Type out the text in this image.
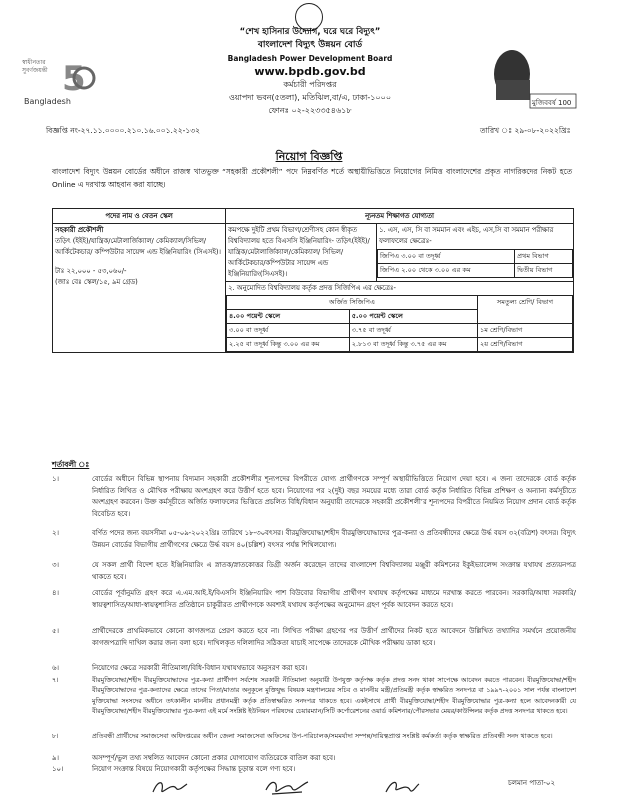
স্বাধীনতার
সুবর্ণজয়ন্তী 5
Bangladesh
“শেখ হাসিনার উদ্যোগ, ঘরে ঘরে বিদ্যুৎ”
বাংলাদেশ বিদ্যুৎ উন্নয়ন বোর্ড
Bangladesh Power Development Board
www.bpdb.gov.bd
কর্মচারী পরিদপ্তর
ওয়াপদা ভবন(৫তলা), মতিঝিল,বা/এ, ঢাকা-১০০০
ফোনঃ ০২-২২৩৩৫৪৬১৮
মুজিববর্ষ 100
বিজ্ঞপ্তি নং-২৭.১১.০০০০.২১০.১৬.০০১.২২-১৩২	তারিখ ঃ ২৯-০৮-২০২২খ্রিঃ
নিয়োগ বিজ্ঞপ্তি
বাংলাদেশ বিদ্যুৎ উন্নয়ন বোর্ডের অধীনে রাজস্ব খাতভুক্ত “সহকারী প্রকৌশলী” পদে নিম্নবর্ণিত শর্তে অস্থায়ীভিত্তিতে নিয়োগের নিমিত্ত বাংলাদেশের প্রকৃত নাগরিকদের নিকট হতে Online এ দরখাস্ত আহবান করা যাচ্ছে।
পদের নাম ও বেতন স্কেল	ন্যূনতম শিক্ষাগত যোগ্যতা

সহকারী প্রকৌশলী
তড়িৎ (ইইই)/যান্ত্রিক/মেটালার্জিক্যাল/ কেমিক্যাল/সিভিল/আর্কিটেকচার/ কম্পিউটার সায়েন্স এন্ড ইঞ্জিনিয়ারিং (সিএসই)।
টাঃ ২২,০০০ - ৫৩,০৬০/-
(জাঃ বেঃ স্কেল/১৫, ৯ম গ্রেড)
	কমপক্ষে দুইটি প্রথম বিভাগ/শ্রেণীসহ কোন স্বীকৃত বিশ্ববিদ্যালয় হতে বিএসসি ইঞ্জিনিয়ারিং- তড়িৎ(ইইই)/যান্ত্রিক/মেটালার্জিক্যাল/কেমিক্যাল/ সিভিল/আর্কিটেকচার/কম্পিউটার সায়েন্স এন্ড ইঞ্জিনিয়ারিং(সিএসই)।	
১. এস, এস, সি বা সমমান এবং এইচ, এস,সি বা সমমান পরীক্ষার ফলাফলের ক্ষেত্রেঃ-
জিপিএ ৩.০০ বা তদূর্ধ্ব	প্রথম বিভাগ
জিপিএ ২.০০ থেকে ৩.০০ এর কম	দ্বিতীয় বিভাগ

২. অনুমোদিত বিশ্ববিদ্যালয় কর্তৃক প্রদত্ত সিজিপিএ এর ক্ষেত্রেঃ-
অর্জিত সিজিপিএ	সমতুল্য শ্রেণি/ বিভাগ
৪.০০ পয়েন্ট স্কেলে	৫.০০ পয়েন্ট স্কেলে
৩.০০ বা তদূর্ধ্ব	৩.৭৫ বা তদূর্ধ্ব	১ম শ্রেণি/বিভাগ
২.২৫ বা তদূর্ধ্ব কিন্তু ৩.০০ এর কম	২.৮১৩ বা তদূর্ধ্ব কিন্তু ৩.৭৫ এর কম	২য় শ্রেণি/বিভাগ
শর্তাবলী ঃ
১।	বোর্ডের অধীনে বিভিন্ন স্থাপনায় বিদ্যমান সহকারী প্রকৌশলীর শূন্যপদের বিপরীতে যোগ্য প্রার্থীগণকে সম্পূর্ণ অস্থায়ীভিত্তিতে নিয়োগ দেয়া হবে। এ জন্য তাদেরকে বোর্ড কর্তৃক নির্ধারিত লিখিত ও মৌখিক পরীক্ষায় অংশগ্রহণ করে উত্তীর্ণ হতে হবে। নিয়োগের পর ২(দুই) বছর সময়ের মধ্যে তারা বোর্ড কর্তৃক নির্ধারিত বিভিন্ন প্রশিক্ষণ ও অন্যান্য কর্মসূচীতে অংশগ্রহণ করবেন। উক্ত কর্মসূচীতে অর্জিত ফলাফলের ভিত্তিতে প্রচলিত বিধি/বিধান অনুযায়ী তাদেরকে সহকারী প্রকৌশলী’র শূন্যপদের বিপরীতে নিয়মিত নিয়োগ প্রদান বোর্ড কর্তৃক বিবেচিত হবে।
২।	বর্ণিত পদের জন্য বয়সসীমা ০৫-০৯-২০২২খ্রিঃ তারিখে ১৮-৩০বৎসর। বীরমুক্তিযোদ্ধা/শহীদ বীরমুক্তিযোদ্ধাদের পুত্র-কন্যা ও প্রতিবন্ধীদের ক্ষেত্রে উর্দ্ধ বয়স ৩২(বত্রিশ) বৎসর। বিদ্যুৎ উন্নয়ন বোর্ডের বিভাগীয় প্রার্থীগণের ক্ষেত্রে উর্দ্ধ বয়স ৪০(চল্লিশ) বৎসর পর্যন্ত শিথিলযোগ্য।
৩।	যে সকল প্রার্থী বিদেশ হতে ইঞ্জিনিয়ারিং এ স্নাতক/স্নাতকোত্তর ডিগ্রী অর্জন করেছেন তাদের বাংলাদেশ বিশ্ববিদ্যালয় মঞ্জুরী কমিশনের ইকুইভ্যালেন্স সংক্রান্ত যথাযথ প্রত্যয়নপত্র থাকতে হবে।
৪।	বোর্ডের পূর্বানুমতি গ্রহণ করে এ.এম.আই.ই/বিএসসি ইঞ্জিনিয়ারিং পাশ বিউবোর বিভাগীয় প্রার্থীগণ যথাযথ কর্তৃপক্ষের মাধ্যমে দরখাস্ত করতে পারবেন। সরকারি/আধা সরকারি/স্বায়ত্বশাসিত/আধা-স্বায়ত্বশাসিত প্রতিষ্ঠানে চাকুরীরত প্রার্থীগণকে অবশ্যই যথাযথ কর্তৃপক্ষের অনুমোদন গ্রহণ পূর্বক আবেদন করতে হবে।
৫।	প্রার্থীদেরকে প্রাথমিকভাবে কোনো কাগজপত্র প্রেরণ করতে হবে না। লিখিত পরীক্ষা গ্রহণের পর উত্তীর্ণ প্রার্থীদের নিকট হতে আবেদনে উল্লিখিত তথ্যাদির সমর্থনে প্রয়োজনীয় কাগজপত্রাদি দাখিল করার জন্য বলা হবে। দাখিলকৃত দলিলাদির সঠিকতা যাচাই সাপেক্ষে তাদেরকে মৌখিক পরীক্ষায় ডাকা হবে।
৬।	নিয়োগের ক্ষেত্রে সরকারী নীতিমালা/বিধি-বিধান যথাযথভাবে অনুসরণ করা হবে।
৭।	বীরমুক্তিযোদ্ধা/শহীদ বীরমুক্তিযোদ্ধাদের পুত্র-কন্যা প্রার্থীগণ সর্বশেষ সরকারী নীতিমালা অনুযায়ী উপযুক্ত কর্তৃপক্ষ কর্তৃক প্রদত্ত সনদ থাকা সাপেক্ষে আবেদন করতে পারবেন। বীরমুক্তিযোদ্ধা/শহীদ বীরমুক্তিযোদ্ধাদের পুত্র-কন্যাদের ক্ষেত্রে তাদের পিতা/মাতার অনুকূলে মুক্তিযুদ্ধ বিষয়ক মন্ত্রণালয়ের সচিব ও মাননীয় মন্ত্রী/প্রতিমন্ত্রী কর্তৃক স্বাক্ষরিত সনদপত্র বা ১৯৯৭-২০০১ সাল পর্যন্ত বাংলাদেশ মুক্তিযোদ্ধা সংসদের অধীনে তৎকালীন মাননীয় প্রধানমন্ত্রী কর্তৃক প্রতিস্বাক্ষরিত সনদপত্র থাকতে হবে। একইসাথে প্রার্থী বীরমুক্তিযোদ্ধা/শহীদ বীরমুক্তিযোদ্ধার পুত্র-কন্যা হলে আবেদনকারী যে বীরমুক্তিযোদ্ধা/শহীদ বীরমুক্তিযোদ্ধার পুত্র-কন্যা এই মর্মে সংশ্লিষ্ট ইউনিয়ন পরিষদের চেয়ারম্যান/সিটি কর্পোরেশনের ওয়ার্ড কমিশনার/পৌরসভার মেয়র/কাউন্সিলর কর্তৃক প্রদত্ত সনদপত্র থাকতে হবে।
৮।	প্রতিবন্ধী প্রার্থীদের সমাজসেবা অধিদপ্তরের অধীন জেলা সমাজসেবা অফিসের উপ-পরিচালক/সমমর্যাদা সম্পন্ন/দায়িত্বপ্রাপ্ত সংশ্লিষ্ট কর্মকর্তা কর্তৃক স্বাক্ষরিত প্রতিবন্ধী সনদ থাকতে হবে।
৯।	অসম্পূর্ণ/ভুল তথ্য সম্বলিত আবেদন কোনো প্রকার যোগাযোগ ব্যতিরেকে বাতিল করা হবে।
১০।	নিয়োগ সংক্রান্ত বিষয়ে নিয়োগকারী কর্তৃপক্ষের সিদ্ধান্ত চূড়ান্ত বলে গণ্য হবে।
চলমান পাতা-০২
